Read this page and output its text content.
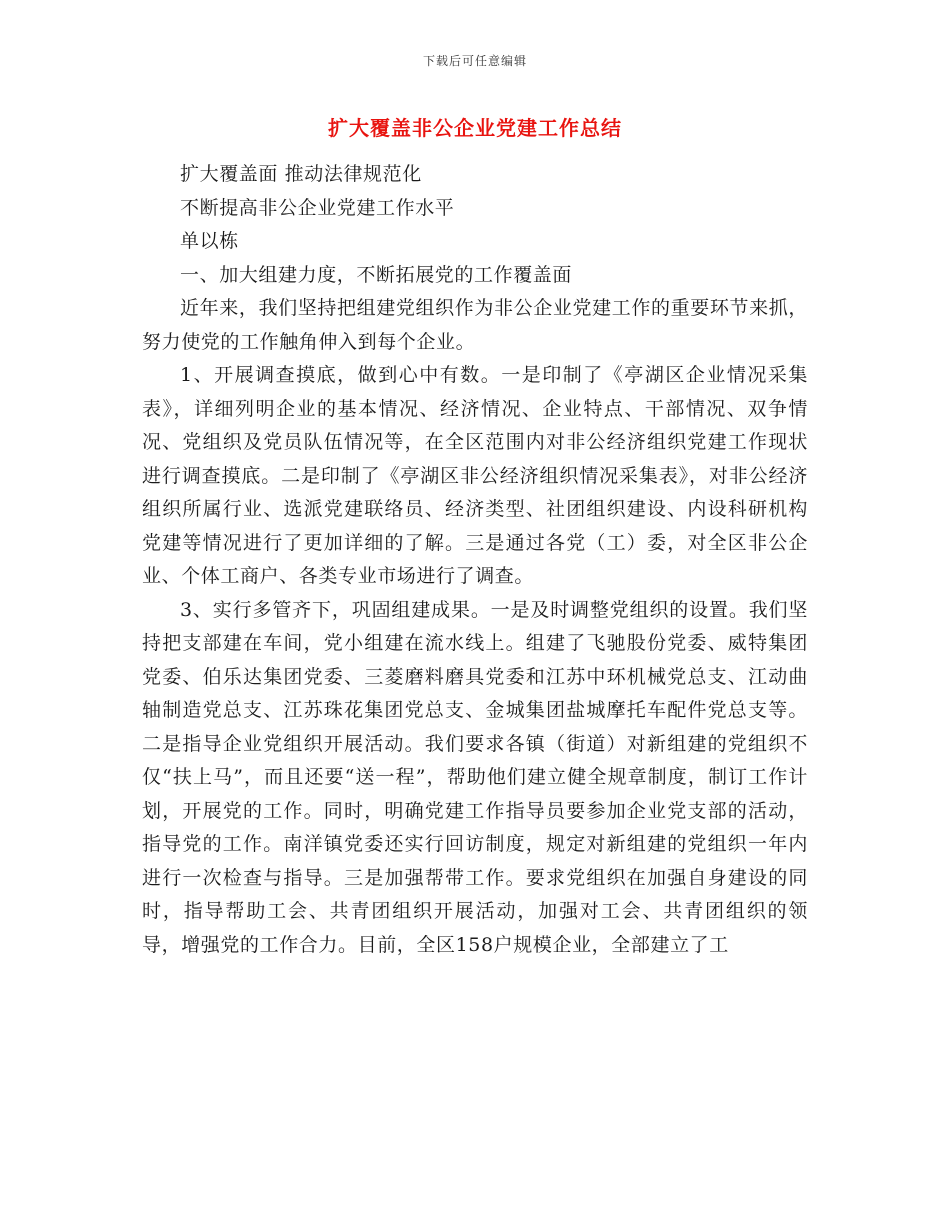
下载后可任意编辑
扩大覆盖非公企业党建工作总结

扩大覆盖面 推动法律规范化

不断提高非公企业党建工作水平

单以栋

一、加大组建力度，不断拓展党的工作覆盖面

近年来，我们坚持把组建党组织作为非公企业党建工作的重要环节来抓，努力使党的工作触角伸入到每个企业。

1、开展调查摸底，做到心中有数。一是印制了《亭湖区企业情况采集表》，详细列明企业的基本情况、经济情况、企业特点、干部情况、双争情况、党组织及党员队伍情况等，在全区范围内对非公经济组织党建工作现状进行调查摸底。二是印制了《亭湖区非公经济组织情况采集表》，对非公经济组织所属行业、选派党建联络员、经济类型、社团组织建设、内设科研机构党建等情况进行了更加详细的了解。三是通过各党（工）委，对全区非公企业、个体工商户、各类专业市场进行了调查。

3、实行多管齐下，巩固组建成果。一是及时调整党组织的设置。我们坚持把支部建在车间，党小组建在流水线上。组建了飞驰股份党委、威特集团党委、伯乐达集团党委、三菱磨料磨具党委和江苏中环机械党总支、江动曲轴制造党总支、江苏珠花集团党总支、金城集团盐城摩托车配件党总支等。二是指导企业党组织开展活动。我们要求各镇（街道）对新组建的党组织不仅“扶上马”，而且还要“送一程”，帮助他们建立健全规章制度，制订工作计划，开展党的工作。同时，明确党建工作指导员要参加企业党支部的活动，指导党的工作。南洋镇党委还实行回访制度，规定对新组建的党组织一年内进行一次检查与指导。三是加强帮带工作。要求党组织在加强自身建设的同时，指导帮助工会、共青团组织开展活动，加强对工会、共青团组织的领导，增强党的工作合力。目前，全区158户规模企业，全部建立了工
